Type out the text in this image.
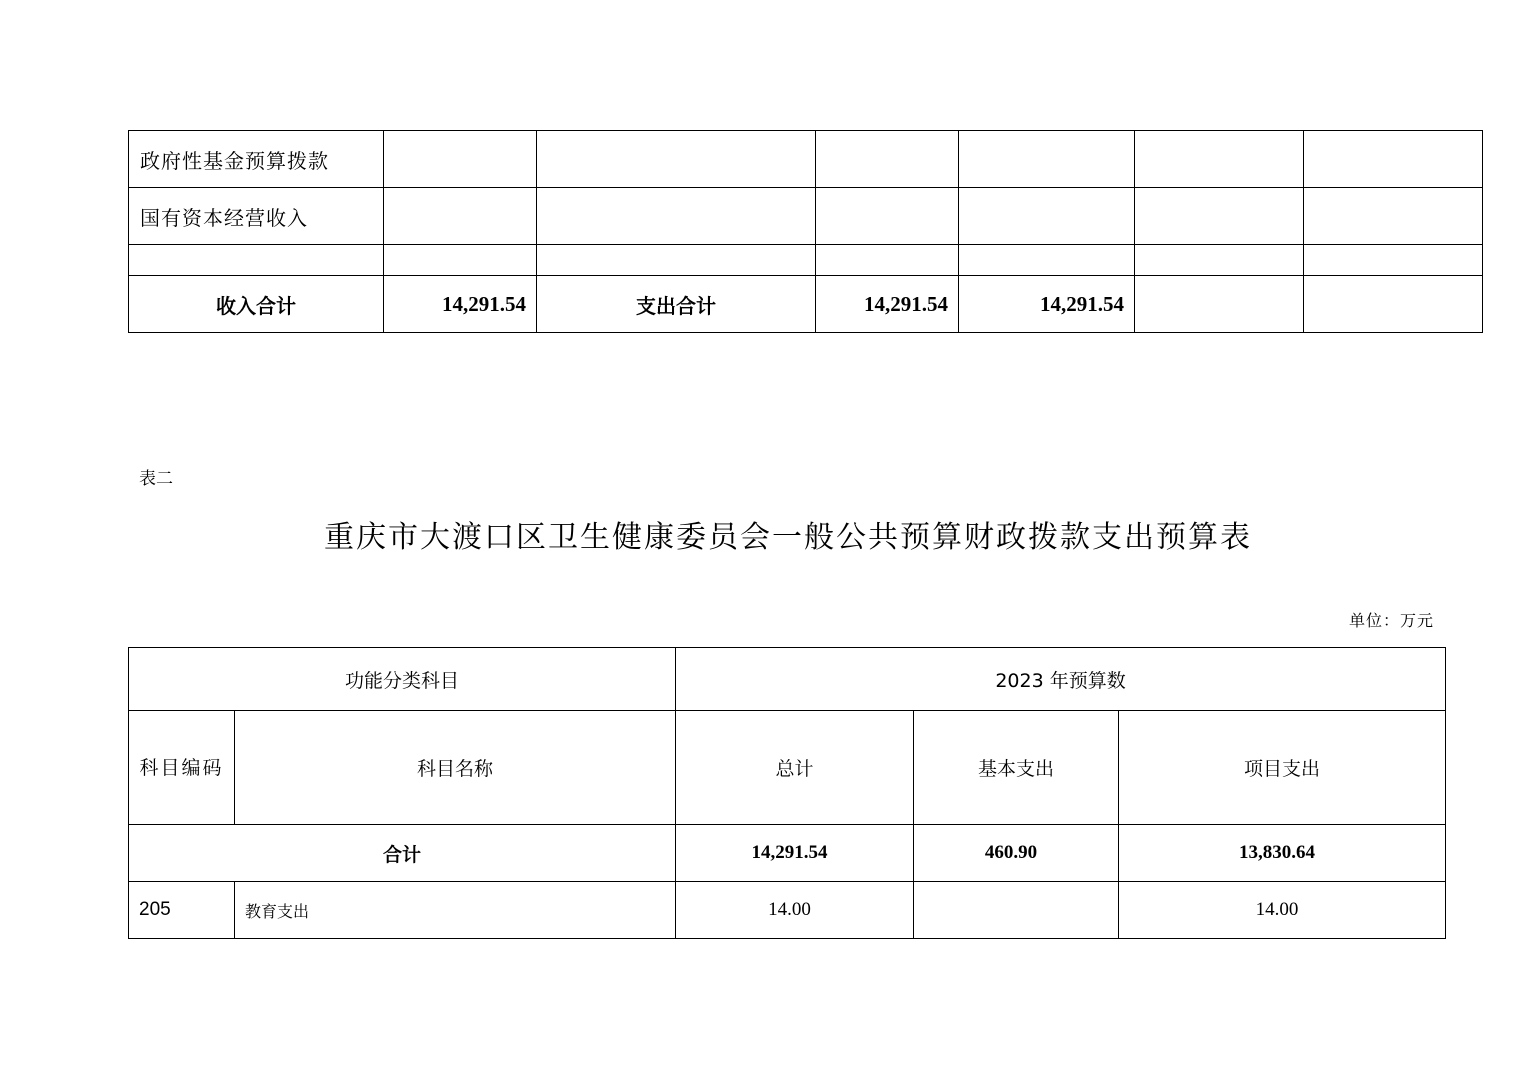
政府性基金预算拨款						
国有资本经营收入						

收入合计	14,291.54	支出合计	14,291.54	14,291.54		
表二
重庆市大渡口区卫生健康委员会一般公共预算财政拨款支出预算表
单位：万元
功能分类科目		2023 年预算数		
科目编码	科目名称	总计	基本支出	项目支出
合计		14,291.54	460.90	13,830.64
205	教育支出	14.00		14.00
